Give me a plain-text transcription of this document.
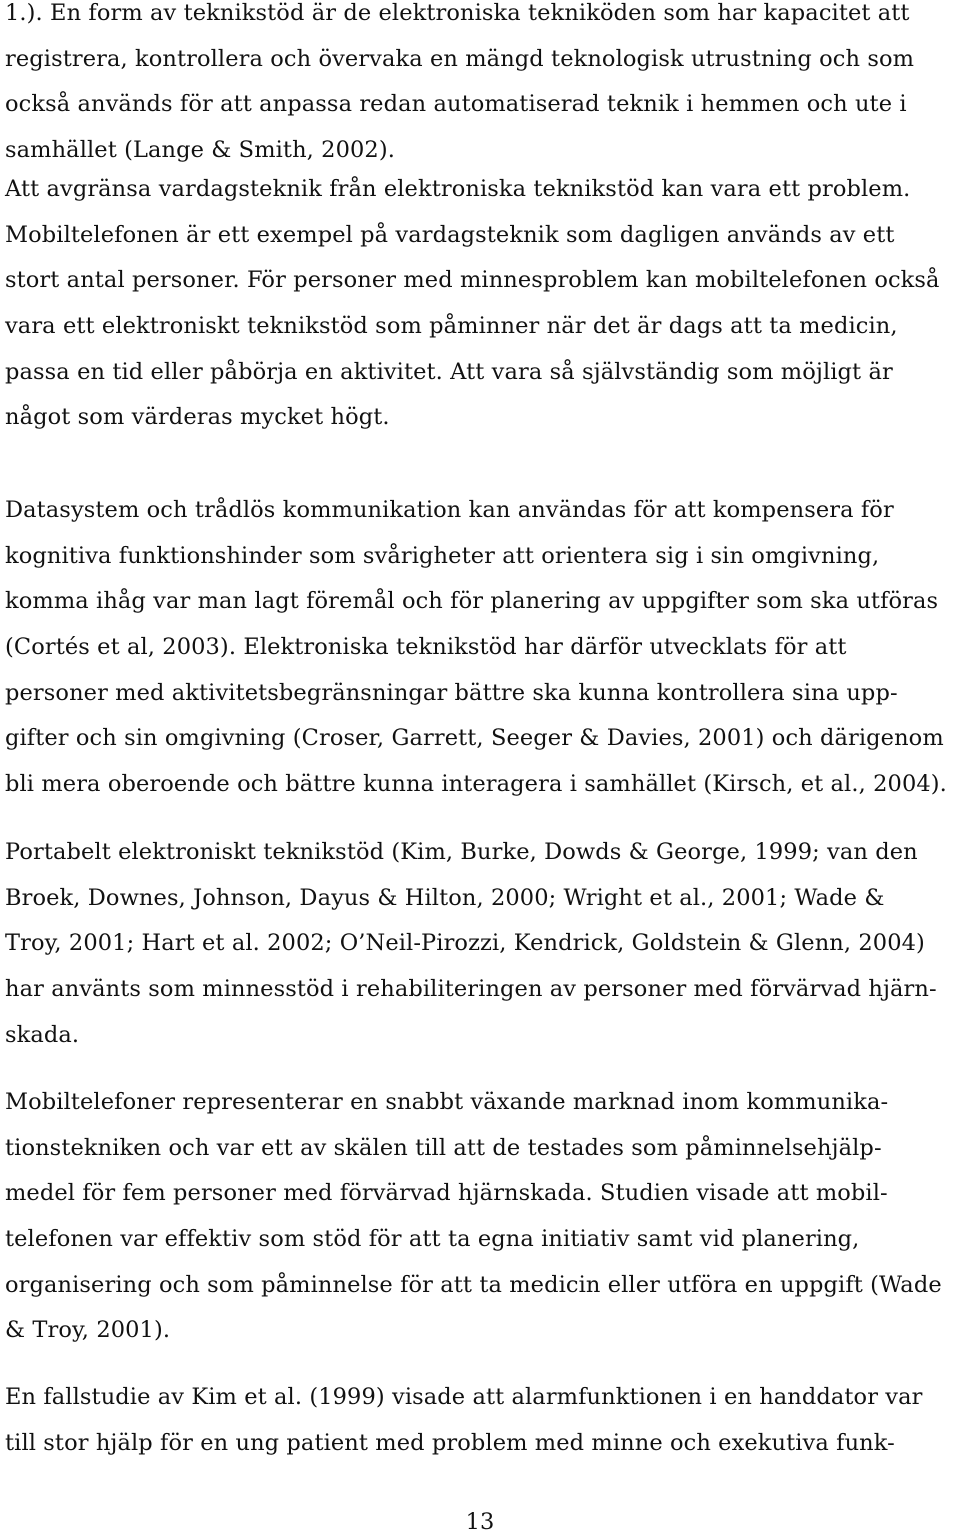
1.). En form av teknikstöd är de elektroniska tekniköden som har kapacitet att
registrera, kontrollera och övervaka en mängd teknologisk utrustning och som
också används för att anpassa redan automatiserad teknik i hemmen och ute i
samhället (Lange & Smith, 2002).
Att avgränsa vardagsteknik från elektroniska teknikstöd kan vara ett problem.
Mobiltelefonen är ett exempel på vardagsteknik som dagligen används av ett
stort antal personer. För personer med minnesproblem kan mobiltelefonen också
vara ett elektroniskt teknikstöd som påminner när det är dags att ta medicin,
passa en tid eller påbörja en aktivitet. Att vara så självständig som möjligt är
något som värderas mycket högt.
Datasystem och trådlös kommunikation kan användas för att kompensera för
kognitiva funktionshinder som svårigheter att orientera sig i sin omgivning,
komma ihåg var man lagt föremål och för planering av uppgifter som ska utföras
(Cortés et al, 2003). Elektroniska teknikstöd har därför utvecklats för att
personer med aktivitetsbegränsningar bättre ska kunna kontrollera sina upp-
gifter och sin omgivning (Croser, Garrett, Seeger & Davies, 2001) och därigenom
bli mera oberoende och bättre kunna interagera i samhället (Kirsch, et al., 2004).
Portabelt elektroniskt teknikstöd (Kim, Burke, Dowds & George, 1999; van den
Broek, Downes, Johnson, Dayus & Hilton, 2000; Wright et al., 2001; Wade &
Troy, 2001; Hart et al. 2002; O’Neil-Pirozzi, Kendrick, Goldstein & Glenn, 2004)
har använts som minnesstöd i rehabiliteringen av personer med förvärvad hjärn-
skada.
Mobiltelefoner representerar en snabbt växande marknad inom kommunika-
tionstekniken och var ett av skälen till att de testades som påminnelsehjälp-
medel för fem personer med förvärvad hjärnskada. Studien visade att mobil-
telefonen var effektiv som stöd för att ta egna initiativ samt vid planering,
organisering och som påminnelse för att ta medicin eller utföra en uppgift (Wade
& Troy, 2001).
En fallstudie av Kim et al. (1999) visade att alarmfunktionen i en handdator var
till stor hjälp för en ung patient med problem med minne och exekutiva funk-
13
